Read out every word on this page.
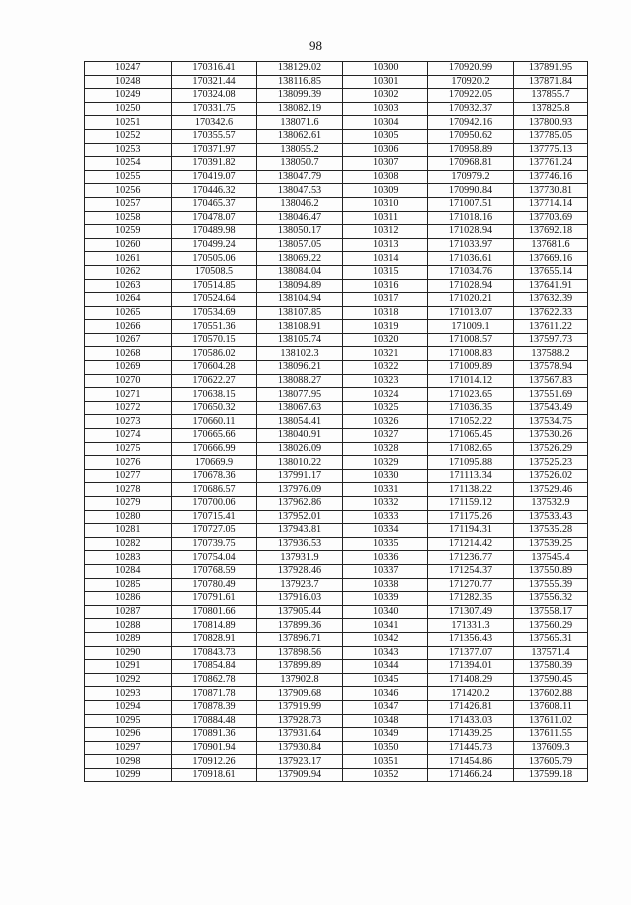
98
10247	170316.41	138129.02	10300	170920.99	137891.95
10248	170321.44	138116.85	10301	170920.2	137871.84
10249	170324.08	138099.39	10302	170922.05	137855.7
10250	170331.75	138082.19	10303	170932.37	137825.8
10251	170342.6	138071.6	10304	170942.16	137800.93
10252	170355.57	138062.61	10305	170950.62	137785.05
10253	170371.97	138055.2	10306	170958.89	137775.13
10254	170391.82	138050.7	10307	170968.81	137761.24
10255	170419.07	138047.79	10308	170979.2	137746.16
10256	170446.32	138047.53	10309	170990.84	137730.81
10257	170465.37	138046.2	10310	171007.51	137714.14
10258	170478.07	138046.47	10311	171018.16	137703.69
10259	170489.98	138050.17	10312	171028.94	137692.18
10260	170499.24	138057.05	10313	171033.97	137681.6
10261	170505.06	138069.22	10314	171036.61	137669.16
10262	170508.5	138084.04	10315	171034.76	137655.14
10263	170514.85	138094.89	10316	171028.94	137641.91
10264	170524.64	138104.94	10317	171020.21	137632.39
10265	170534.69	138107.85	10318	171013.07	137622.33
10266	170551.36	138108.91	10319	171009.1	137611.22
10267	170570.15	138105.74	10320	171008.57	137597.73
10268	170586.02	138102.3	10321	171008.83	137588.2
10269	170604.28	138096.21	10322	171009.89	137578.94
10270	170622.27	138088.27	10323	171014.12	137567.83
10271	170638.15	138077.95	10324	171023.65	137551.69
10272	170650.32	138067.63	10325	171036.35	137543.49
10273	170660.11	138054.41	10326	171052.22	137534.75
10274	170665.66	138040.91	10327	171065.45	137530.26
10275	170666.99	138026.09	10328	171082.65	137526.29
10276	170669.9	138010.22	10329	171095.88	137525.23
10277	170678.36	137991.17	10330	171113.34	137526.02
10278	170686.57	137976.09	10331	171138.22	137529.46
10279	170700.06	137962.86	10332	171159.12	137532.9
10280	170715.41	137952.01	10333	171175.26	137533.43
10281	170727.05	137943.81	10334	171194.31	137535.28
10282	170739.75	137936.53	10335	171214.42	137539.25
10283	170754.04	137931.9	10336	171236.77	137545.4
10284	170768.59	137928.46	10337	171254.37	137550.89
10285	170780.49	137923.7	10338	171270.77	137555.39
10286	170791.61	137916.03	10339	171282.35	137556.32
10287	170801.66	137905.44	10340	171307.49	137558.17
10288	170814.89	137899.36	10341	171331.3	137560.29
10289	170828.91	137896.71	10342	171356.43	137565.31
10290	170843.73	137898.56	10343	171377.07	137571.4
10291	170854.84	137899.89	10344	171394.01	137580.39
10292	170862.78	137902.8	10345	171408.29	137590.45
10293	170871.78	137909.68	10346	171420.2	137602.88
10294	170878.39	137919.99	10347	171426.81	137608.11
10295	170884.48	137928.73	10348	171433.03	137611.02
10296	170891.36	137931.64	10349	171439.25	137611.55
10297	170901.94	137930.84	10350	171445.73	137609.3
10298	170912.26	137923.17	10351	171454.86	137605.79
10299	170918.61	137909.94	10352	171466.24	137599.18
